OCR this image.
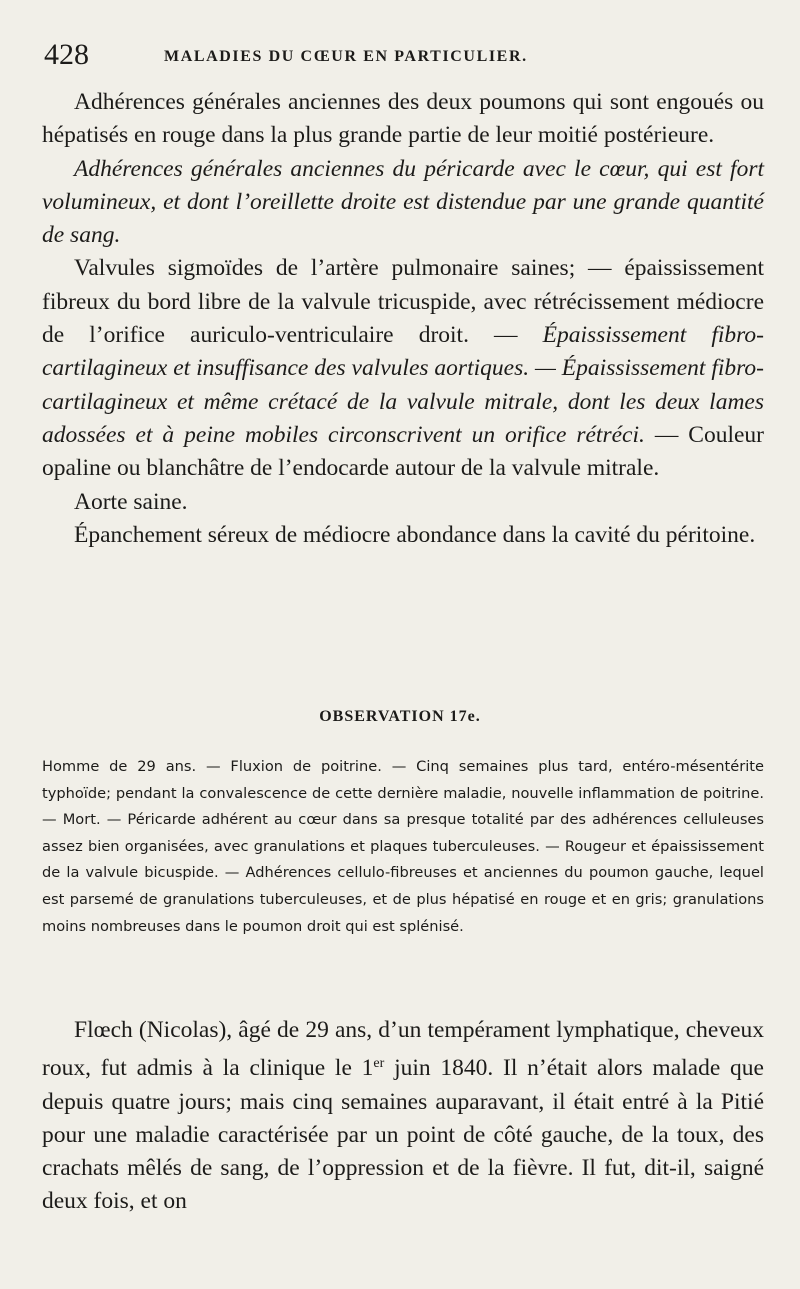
428	MALADIES DU CŒUR EN PARTICULIER.

Adhérences générales anciennes des deux poumons qui sont engoués ou hépatisés en rouge dans la plus grande partie de leur moitié postérieure.

Adhérences générales anciennes du péricarde avec le cœur, qui est fort volumineux, et dont l’oreillette droite est distendue par une grande quantité de sang.

Valvules sigmoïdes de l’artère pulmonaire saines; — épaississement fibreux du bord libre de la valvule tricuspide, avec rétrécissement médiocre de l’orifice auriculo-ventriculaire droit. — Épaississement fibro-cartilagineux et insuffisance des valvules aortiques. — Épaississement fibro-cartilagineux et même crétacé de la valvule mitrale, dont les deux lames adossées et à peine mobiles circonscrivent un orifice rétréci. — Couleur opaline ou blanchâtre de l’endocarde autour de la valvule mitrale.

Aorte saine.

Épanchement séreux de médiocre abondance dans la cavité du péritoine.

OBSERVATION 17e.

Homme de 29 ans. — Fluxion de poitrine. — Cinq semaines plus tard, entéro-mésentérite typhoïde; pendant la convalescence de cette dernière maladie, nouvelle inflammation de poitrine. — Mort. — Péricarde adhérent au cœur dans sa presque totalité par des adhérences celluleuses assez bien organisées, avec granulations et plaques tuberculeuses. — Rougeur et épaississement de la valvule bicuspide. — Adhérences cellulo-fibreuses et anciennes du poumon gauche, lequel est parsemé de granulations tuberculeuses, et de plus hépatisé en rouge et en gris; granulations moins nombreuses dans le poumon droit qui est splénisé.

Flœch (Nicolas), âgé de 29 ans, d’un tempérament lymphatique, cheveux roux, fut admis à la clinique le 1er juin 1840. Il n’était alors malade que depuis quatre jours; mais cinq semaines auparavant, il était entré à la Pitié pour une maladie caractérisée par un point de côté gauche, de la toux, des crachats mêlés de sang, de l’oppression et de la fièvre. Il fut, dit-il, saigné deux fois, et on
